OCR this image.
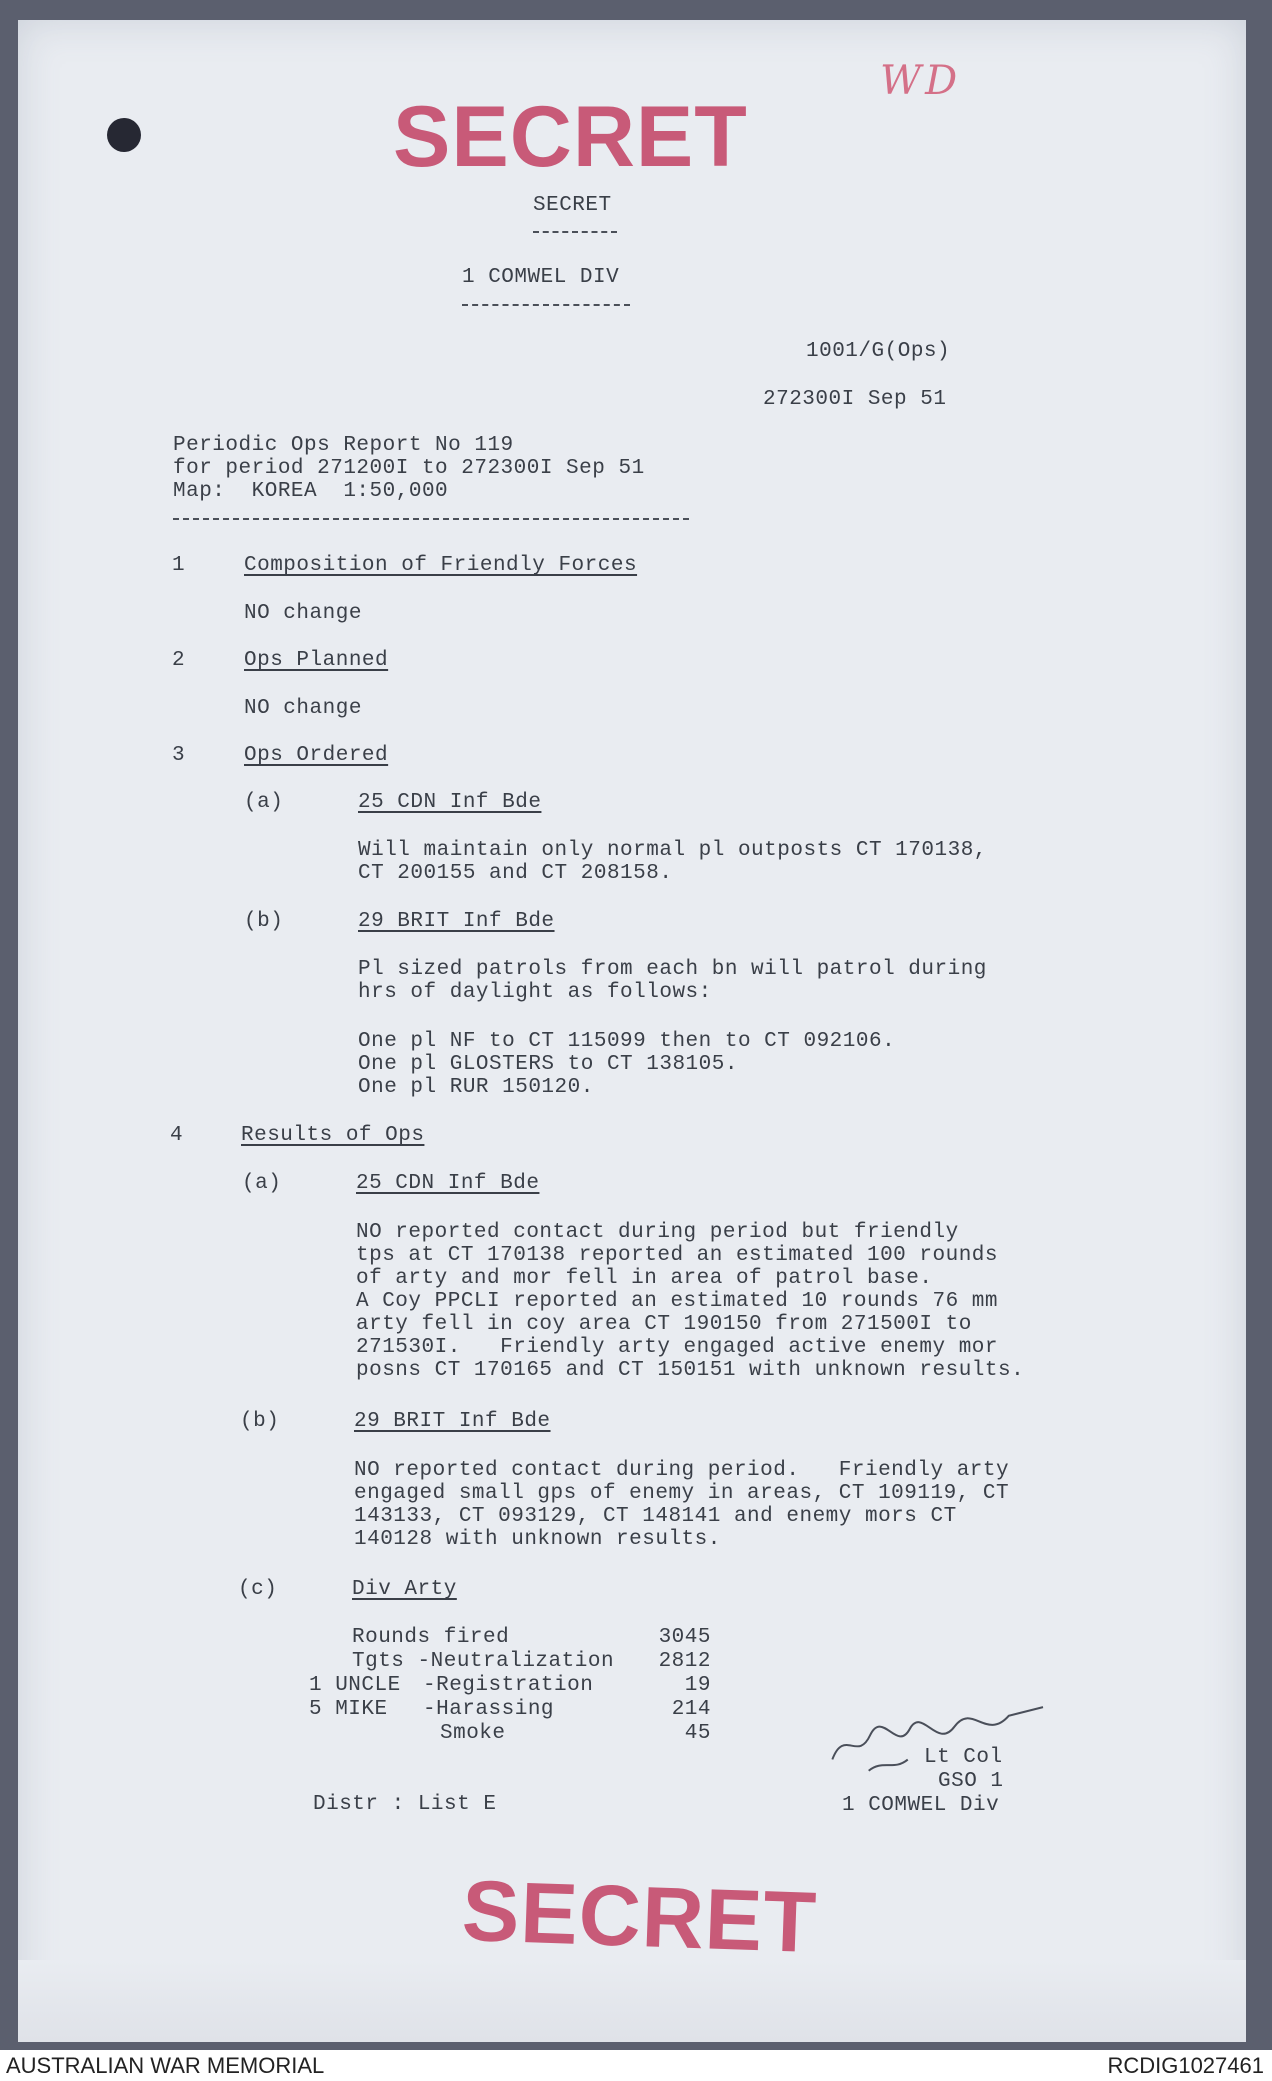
SECRET
WD
SECRET
1 COMWEL DIV
1001/G(Ops)
272300I Sep 51
Periodic Ops Report No 119
for period 271200I to 272300I Sep 51
Map:  KOREA  1:50,000
1	Composition of Friendly Forces
NO change
2	Ops Planned
NO change
3	Ops Ordered
(a)	25 CDN Inf Bde
Will maintain only normal pl outposts CT 170138,
CT 200155 and CT 208158.
(b)	29 BRIT Inf Bde
Pl sized patrols from each bn will patrol during
hrs of daylight as follows:
One pl NF to CT 115099 then to CT 092106.
One pl GLOSTERS to CT 138105.
One pl RUR 150120.
4	Results of Ops
(a)	25 CDN Inf Bde
NO reported contact during period but friendly
tps at CT 170138 reported an estimated 100 rounds
of arty and mor fell in area of patrol base.
A Coy PPCLI reported an estimated 10 rounds 76 mm
arty fell in coy area CT 190150 from 271500I to
271530I.   Friendly arty engaged active enemy mor
posns CT 170165 and CT 150151 with unknown results.
(b)	29 BRIT Inf Bde
NO reported contact during period.   Friendly arty
engaged small gps of enemy in areas, CT 109119, CT
143133, CT 093129, CT 148141 and enemy mors CT
140128 with unknown results.
(c)	Div Arty
Rounds fired	3045
Tgts -Neutralization	2812
1 UNCLE -Registration	19
5 MIKE -Harassing	214
Smoke	45
Lt Col
GSO 1
1 COMWEL Div
Distr : List E
SECRET
AUSTRALIAN WAR MEMORIAL	RCDIG1027461
